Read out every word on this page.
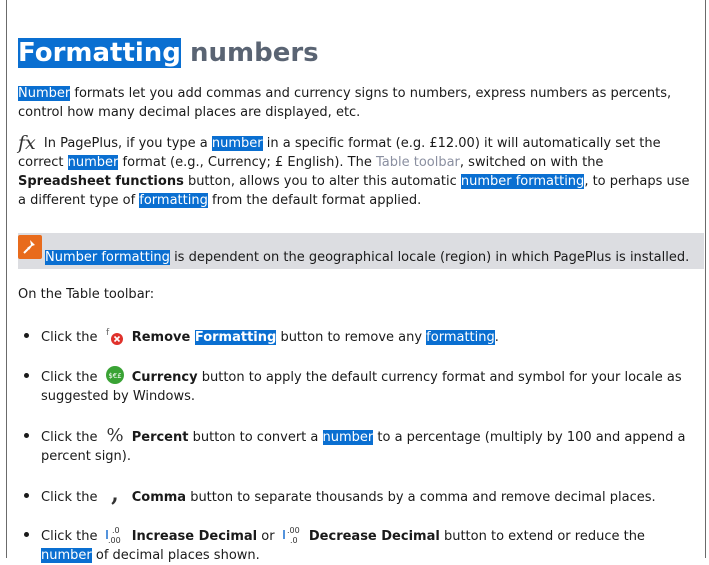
Formatting numbers
Number formats let you add commas and currency signs to numbers, express numbers as percents, control how many decimal places are displayed, etc.
fx In PagePlus, if you type a number in a specific format (e.g. £12.00) it will automatically set the correct number format (e.g., Currency; £ English). The Table toolbar, switched on with the Spreadsheet functions button, allows you to alter this automatic number formatting, to perhaps use a different type of formatting from the default format applied.
Number formatting is dependent on the geographical locale (region) in which PagePlus is installed.
On the Table toolbar:
Click the f Remove Formatting button to remove any formatting.
Click the $€£ Currency button to apply the default currency format and symbol for your locale as suggested by Windows.
Click the % Percent button to convert a number to a percentage (multiply by 100 and append a percent sign).
Click the , Comma button to separate thousands by a comma and remove decimal places.
Click the .0
.00 Increase Decimal or .00
.0 Decrease Decimal button to extend or reduce the number of decimal places shown.
